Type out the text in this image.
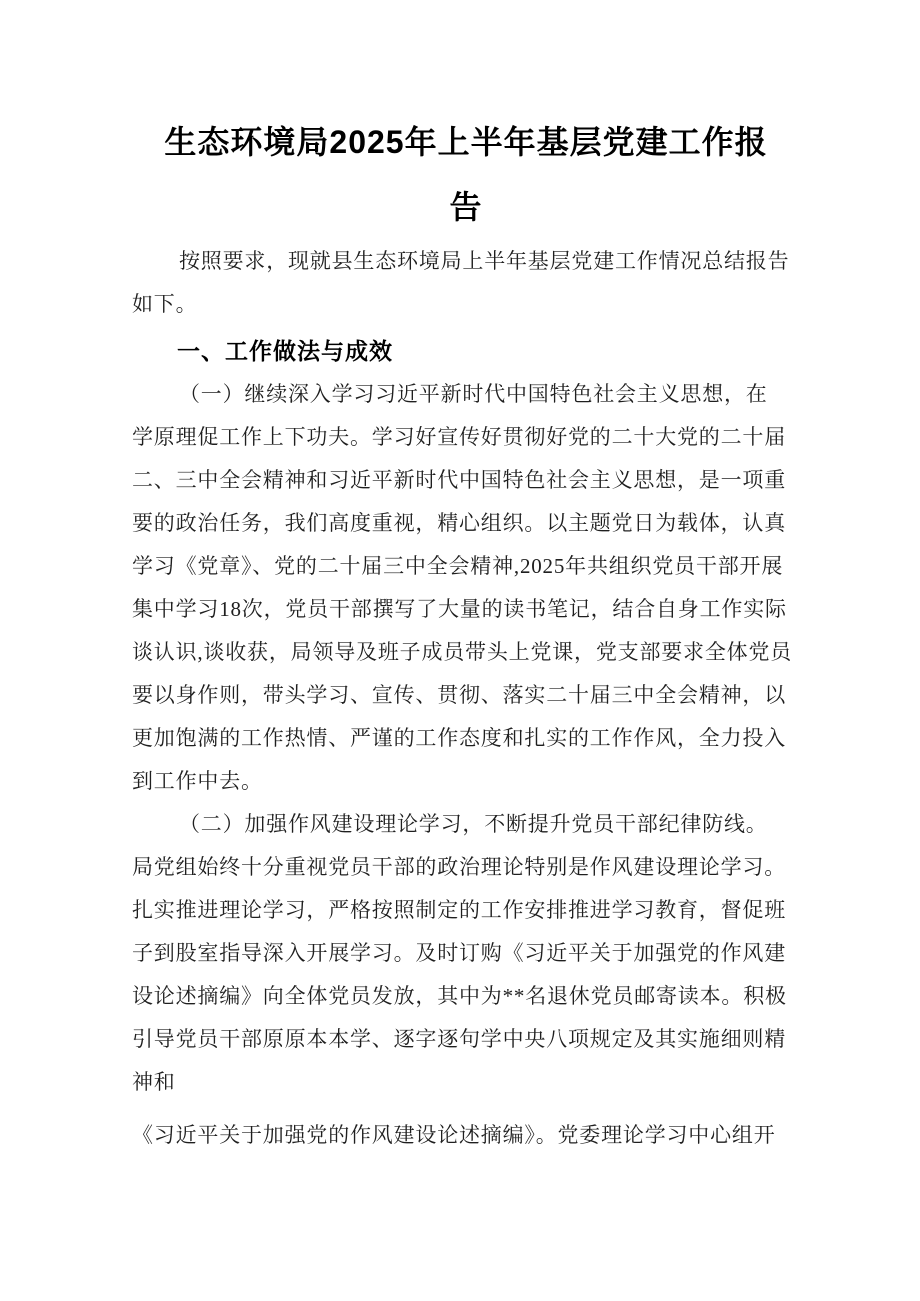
生态环境局2025年上半年基层党建工作报
告
按照要求，现就县生态环境局上半年基层党建工作情况总结报告
如下。
一、工作做法与成效
（一）继续深入学习习近平新时代中国特色社会主义思想，在
学原理促工作上下功夫。学习好宣传好贯彻好党的二十大党的二十届
二、三中全会精神和习近平新时代中国特色社会主义思想，是一项重
要的政治任务，我们高度重视，精心组织。以主题党日为载体，认真
学习《党章》、党的二十届三中全会精神,2025年共组织党员干部开展
集中学习18次，党员干部撰写了大量的读书笔记，结合自身工作实际
谈认识,谈收获，局领导及班子成员带头上党课，党支部要求全体党员
要以身作则，带头学习、宣传、贯彻、落实二十届三中全会精神，以
更加饱满的工作热情、严谨的工作态度和扎实的工作作风，全力投入
到工作中去。
（二）加强作风建设理论学习，不断提升党员干部纪律防线。
局党组始终十分重视党员干部的政治理论特别是作风建设理论学习。
扎实推进理论学习，严格按照制定的工作安排推进学习教育，督促班
子到股室指导深入开展学习。及时订购《习近平关于加强党的作风建
设论述摘编》向全体党员发放，其中为**名退休党员邮寄读本。积极
引导党员干部原原本本学、逐字逐句学中央八项规定及其实施细则精
神和
《习近平关于加强党的作风建设论述摘编》。党委理论学习中心组开
